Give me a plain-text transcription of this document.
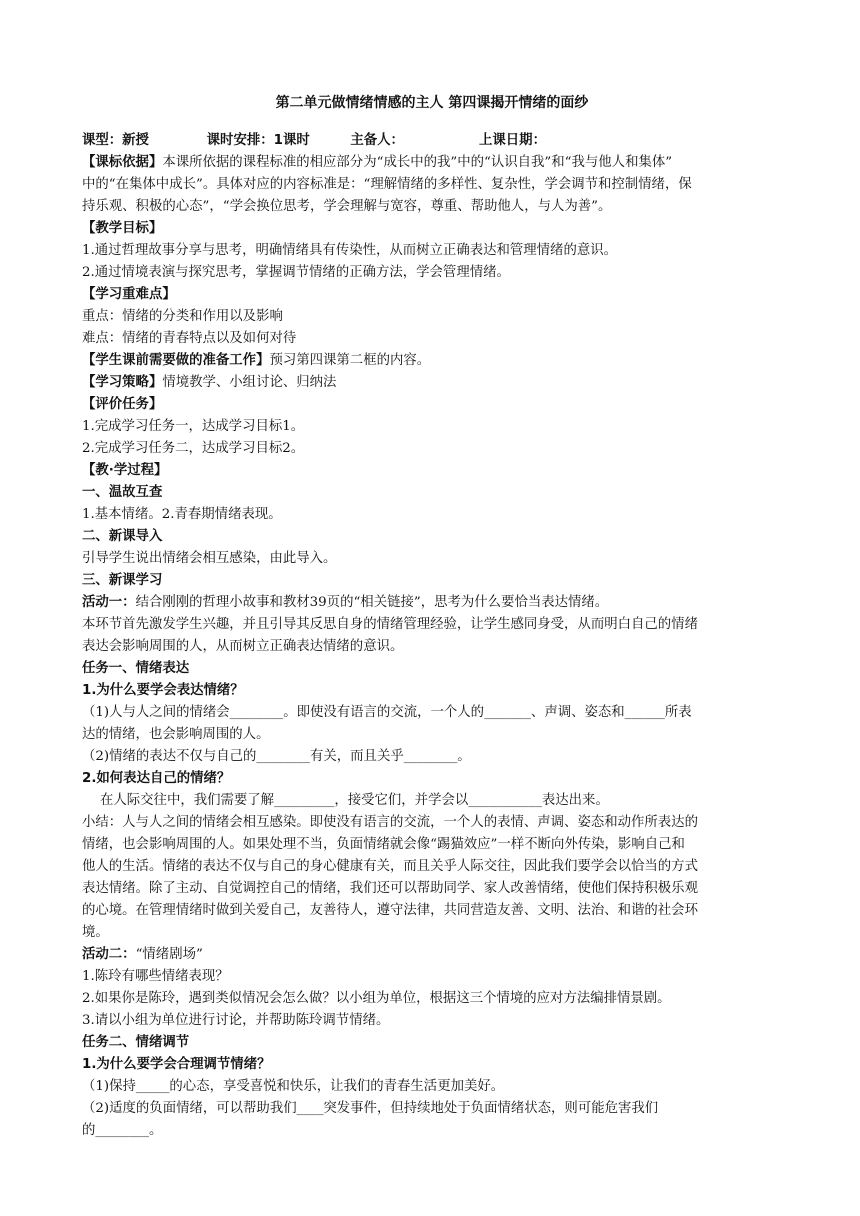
第二单元做情绪情感的主人 第四课揭开情绪的面纱
课型：新授	课时安排：1课时	主备人：	上课日期：
【课标依据】本课所依据的课程标准的相应部分为“成长中的我”中的“认识自我”和“我与他人和集体”
中的“在集体中成长”。具体对应的内容标准是：“理解情绪的多样性、复杂性，学会调节和控制情绪，保
持乐观、积极的心态”，“学会换位思考，学会理解与宽容，尊重、帮助他人，与人为善”。
【教学目标】
1.通过哲理故事分享与思考，明确情绪具有传染性，从而树立正确表达和管理情绪的意识。
2.通过情境表演与探究思考，掌握调节情绪的正确方法，学会管理情绪。
【学习重难点】
重点：情绪的分类和作用以及影响
难点：情绪的青春特点以及如何对待
【学生课前需要做的准备工作】预习第四课第二框的内容。
【学习策略】情境教学、小组讨论、归纳法
【评价任务】
1.完成学习任务一，达成学习目标1。
2.完成学习任务二，达成学习目标2。
【教·学过程】
一、温故互查
1.基本情绪。2.青春期情绪表现。
二、新课导入
引导学生说出情绪会相互感染，由此导入。
三、新课学习
活动一：结合刚刚的哲理小故事和教材39页的“相关链接”，思考为什么要恰当表达情绪。
本环节首先激发学生兴趣，并且引导其反思自身的情绪管理经验，让学生感同身受，从而明白自己的情绪
表达会影响周围的人，从而树立正确表达情绪的意识。
任务一、情绪表达
1.为什么要学会表达情绪？
（1)人与人之间的情绪会________。即使没有语言的交流，一个人的_______、声调、姿态和______所表
达的情绪，也会影响周围的人。
（2)情绪的表达不仅与自己的________有关，而且关乎________。
2.如何表达自己的情绪？
在人际交往中，我们需要了解_________，接受它们，并学会以___________表达出来。
小结：人与人之间的情绪会相互感染。即使没有语言的交流，一个人的表情、声调、姿态和动作所表达的
情绪，也会影响周围的人。如果处理不当，负面情绪就会像“踢猫效应”一样不断向外传染，影响自己和
他人的生活。情绪的表达不仅与自己的身心健康有关，而且关乎人际交往，因此我们要学会以恰当的方式
表达情绪。除了主动、自觉调控自己的情绪，我们还可以帮助同学、家人改善情绪，使他们保持积极乐观
的心境。在管理情绪时做到关爱自己，友善待人，遵守法律，共同营造友善、文明、法治、和谐的社会环
境。
活动二：“情绪剧场”
1.陈玲有哪些情绪表现？
2.如果你是陈玲，遇到类似情况会怎么做？以小组为单位，根据这三个情境的应对方法编排情景剧。
3.请以小组为单位进行讨论，并帮助陈玲调节情绪。
任务二、情绪调节
1.为什么要学会合理调节情绪？
（1)保持_____的心态，享受喜悦和快乐，让我们的青春生活更加美好。
（2)适度的负面情绪，可以帮助我们____突发事件，但持续地处于负面情绪状态，则可能危害我们
的________。
